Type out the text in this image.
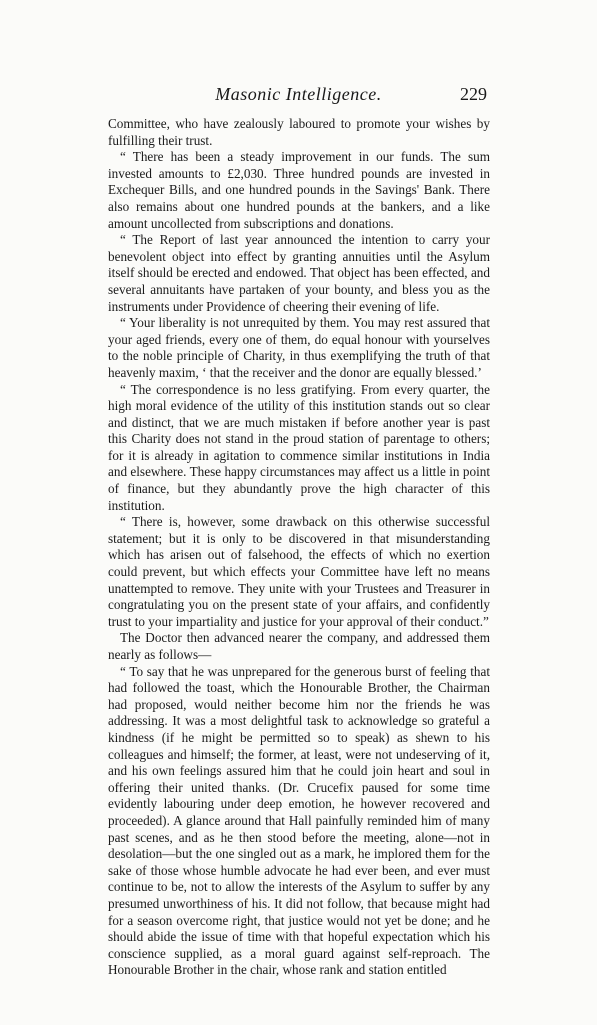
Masonic Intelligence.	229

Committee, who have zealously laboured to promote your wishes by fulfilling their trust.

“ There has been a steady improvement in our funds. The sum invested amounts to £2,030. Three hundred pounds are invested in Exchequer Bills, and one hundred pounds in the Savings' Bank. There also remains about one hundred pounds at the bankers, and a like amount uncollected from subscriptions and donations.

“ The Report of last year announced the intention to carry your benevolent object into effect by granting annuities until the Asylum itself should be erected and endowed. That object has been effected, and several annuitants have partaken of your bounty, and bless you as the instruments under Providence of cheering their evening of life.

“ Your liberality is not unrequited by them. You may rest assured that your aged friends, every one of them, do equal honour with yourselves to the noble principle of Charity, in thus exemplifying the truth of that heavenly maxim, ‘ that the receiver and the donor are equally blessed.’

“ The correspondence is no less gratifying. From every quarter, the high moral evidence of the utility of this institution stands out so clear and distinct, that we are much mistaken if before another year is past this Charity does not stand in the proud station of parentage to others; for it is already in agitation to commence similar institutions in India and elsewhere. These happy circumstances may affect us a little in point of finance, but they abundantly prove the high character of this institution.

“ There is, however, some drawback on this otherwise successful statement; but it is only to be discovered in that misunderstanding which has arisen out of falsehood, the effects of which no exertion could prevent, but which effects your Committee have left no means unattempted to remove. They unite with your Trustees and Treasurer in congratulating you on the present state of your affairs, and confidently trust to your impartiality and justice for your approval of their conduct.”

The Doctor then advanced nearer the company, and addressed them nearly as follows—

“ To say that he was unprepared for the generous burst of feeling that had followed the toast, which the Honourable Brother, the Chairman had proposed, would neither become him nor the friends he was addressing. It was a most delightful task to acknowledge so grateful a kindness (if he might be permitted so to speak) as shewn to his colleagues and himself; the former, at least, were not undeserving of it, and his own feelings assured him that he could join heart and soul in offering their united thanks. (Dr. Crucefix paused for some time evidently labouring under deep emotion, he however recovered and proceeded). A glance around that Hall painfully reminded him of many past scenes, and as he then stood before the meeting, alone—not in desolation—but the one singled out as a mark, he implored them for the sake of those whose humble advocate he had ever been, and ever must continue to be, not to allow the interests of the Asylum to suffer by any presumed unworthiness of his. It did not follow, that because might had for a season overcome right, that justice would not yet be done; and he should abide the issue of time with that hopeful expectation which his conscience supplied, as a moral guard against self-reproach. The Honourable Brother in the chair, whose rank and station entitled
